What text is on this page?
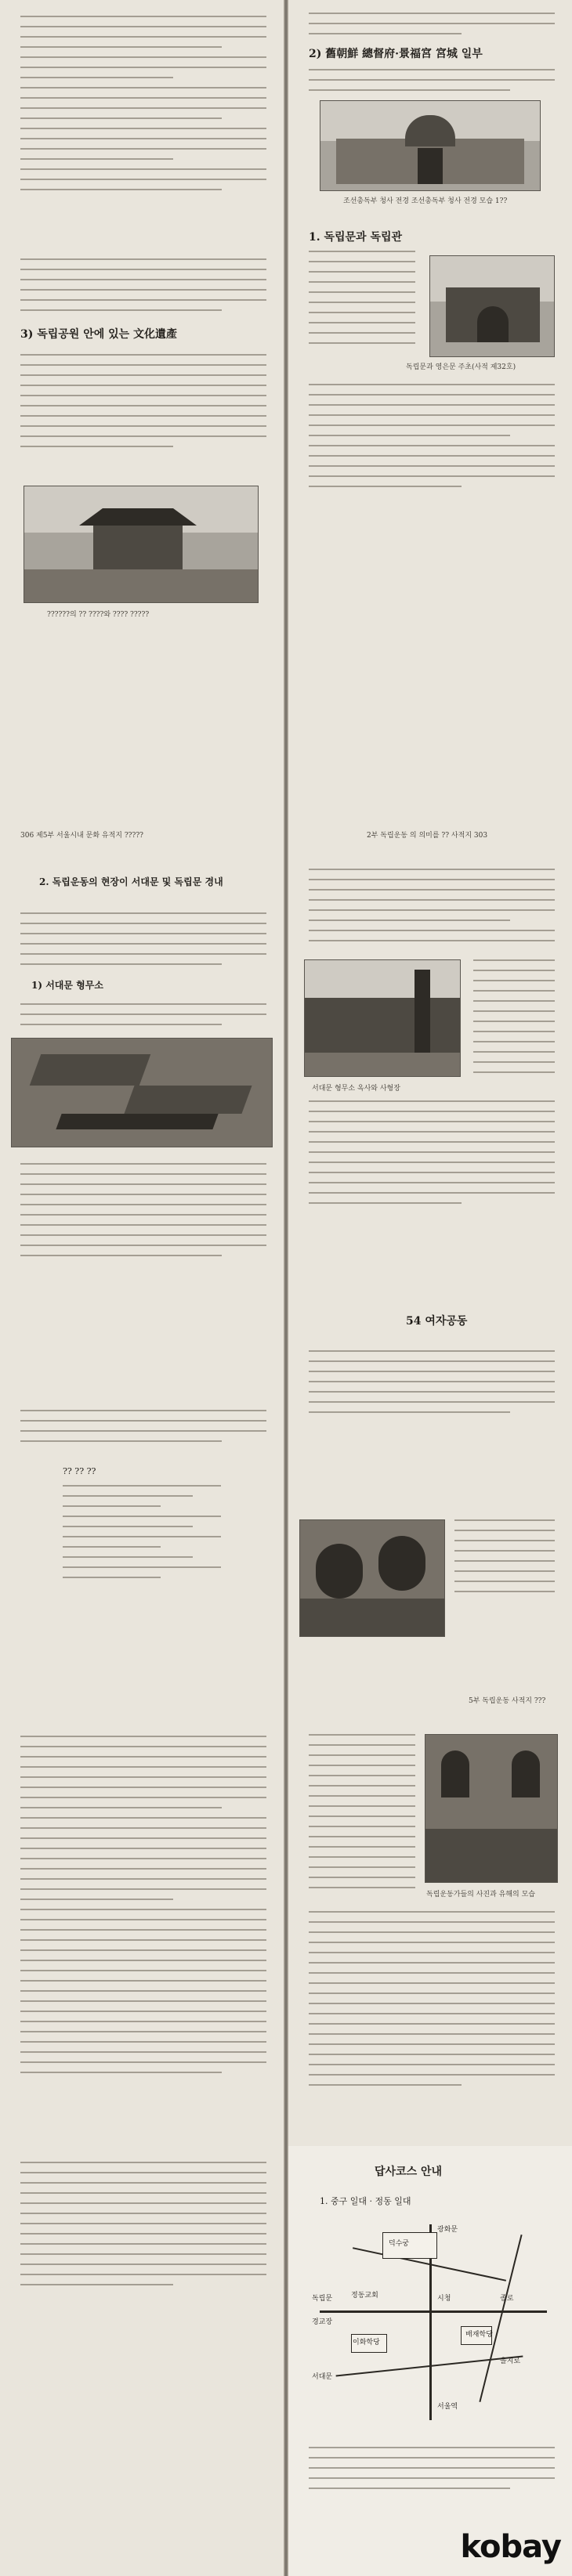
2) 舊朝鮮 總督府·景福宮 宮城 일부
조선총독부 청사 전경 조선총독부 청사 전경 모습 1??
3) 독립공원 안에 있는 文化遺產
??????의 ?? ????와 ???? ?????
306 제5부 서울시내 문화 유적지 ?????
1. 독립문과 독립관
독립문과 영은문 주초(사적 제32호)
2부 독립운동 의 의미를 ?? 사적지 303
2. 독립운동의 현장이 서대문 및 독립문 경내
1) 서대문 형무소
서대문 형무소 옥사와 사형장
?? ?? ??
54 여자공동
5부 독립운동 사적지 ???
독립운동가들의 사진과 유해의 모습
답사코스 안내
1. 중구 일대 · 정동 일대
서울역
덕수궁
시청
광화문
정동교회
배재학당
이화학당
경교장
독립문
서대문
종로
을지로
kobay
